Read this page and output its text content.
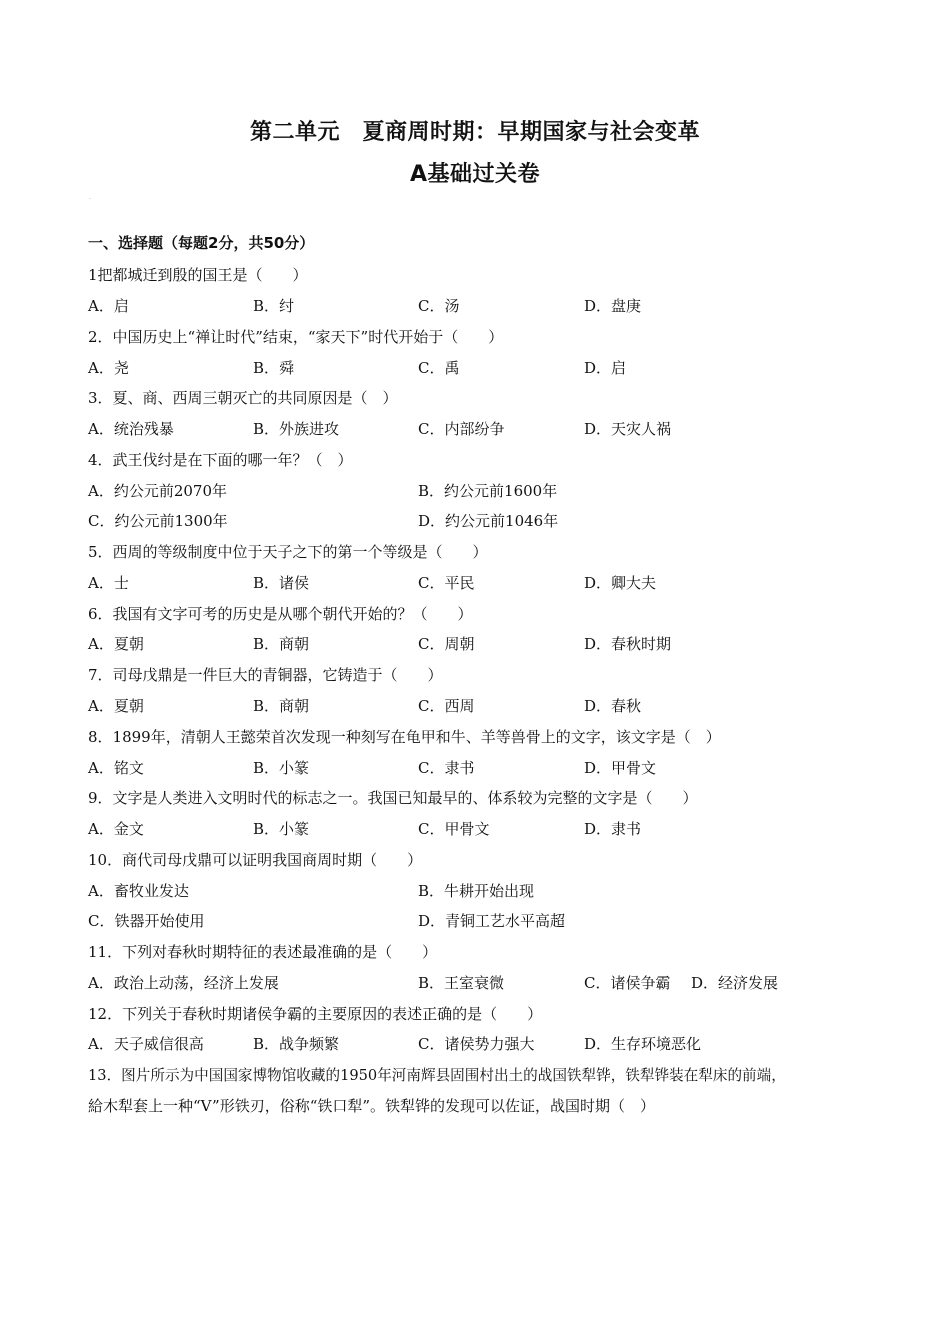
第二单元　夏商周时期：早期国家与社会变革
A基础过关卷
·
一、选择题（每题2分，共50分）
1把都城迁到殷的国王是（　　）
A．启	B．纣	C．汤	D．盘庚
2．中国历史上“禅让时代”结束，“家天下”时代开始于（　　）
A．尧	B．舜	C．禹	D．启
3．夏、商、西周三朝灭亡的共同原因是（　）
A．统治残暴	B．外族进攻	C．内部纷争	D．天灾人祸
4．武王伐纣是在下面的哪一年？（　）
A．约公元前2070年	B．约公元前1600年
C．约公元前1300年	D．约公元前1046年
5．西周的等级制度中位于天子之下的第一个等级是（　　）
A．士	B．诸侯	C．平民	D．卿大夫
6．我国有文字可考的历史是从哪个朝代开始的？（　　）
A．夏朝	B．商朝	C．周朝	D．春秋时期
7．司母戊鼎是一件巨大的青铜器，它铸造于（　　）
A．夏朝	B．商朝	C．西周	D．春秋
8．1899年，清朝人王懿荣首次发现一种刻写在龟甲和牛、羊等兽骨上的文字，该文字是（　）
A．铭文	B．小篆	C．隶书	D．甲骨文
9．文字是人类进入文明时代的标志之一。我国已知最早的、体系较为完整的文字是（　　）
A．金文	B．小篆	C．甲骨文	D．隶书
10．商代司母戊鼎可以证明我国商周时期（　　）
A．畜牧业发达	B．牛耕开始出现
C．铁器开始使用	D．青铜工艺水平高超
11．下列对春秋时期特征的表述最准确的是（　　）
A．政治上动荡，经济上发展	B．王室衰微	C．诸侯争霸 D．经济发展
12．下列关于春秋时期诸侯争霸的主要原因的表述正确的是（　　）
A．天子威信很高	B．战争频繁	C．诸侯势力强大	D．生存环境恶化
13．图片所示为中国国家博物馆收藏的1950年河南辉县固围村出土的战国铁犁铧，铁犁铧装在犁床的前端，
給木犁套上一种“V”形铁刃，俗称“铁口犁”。铁犁铧的发现可以佐证，战国时期（　）
